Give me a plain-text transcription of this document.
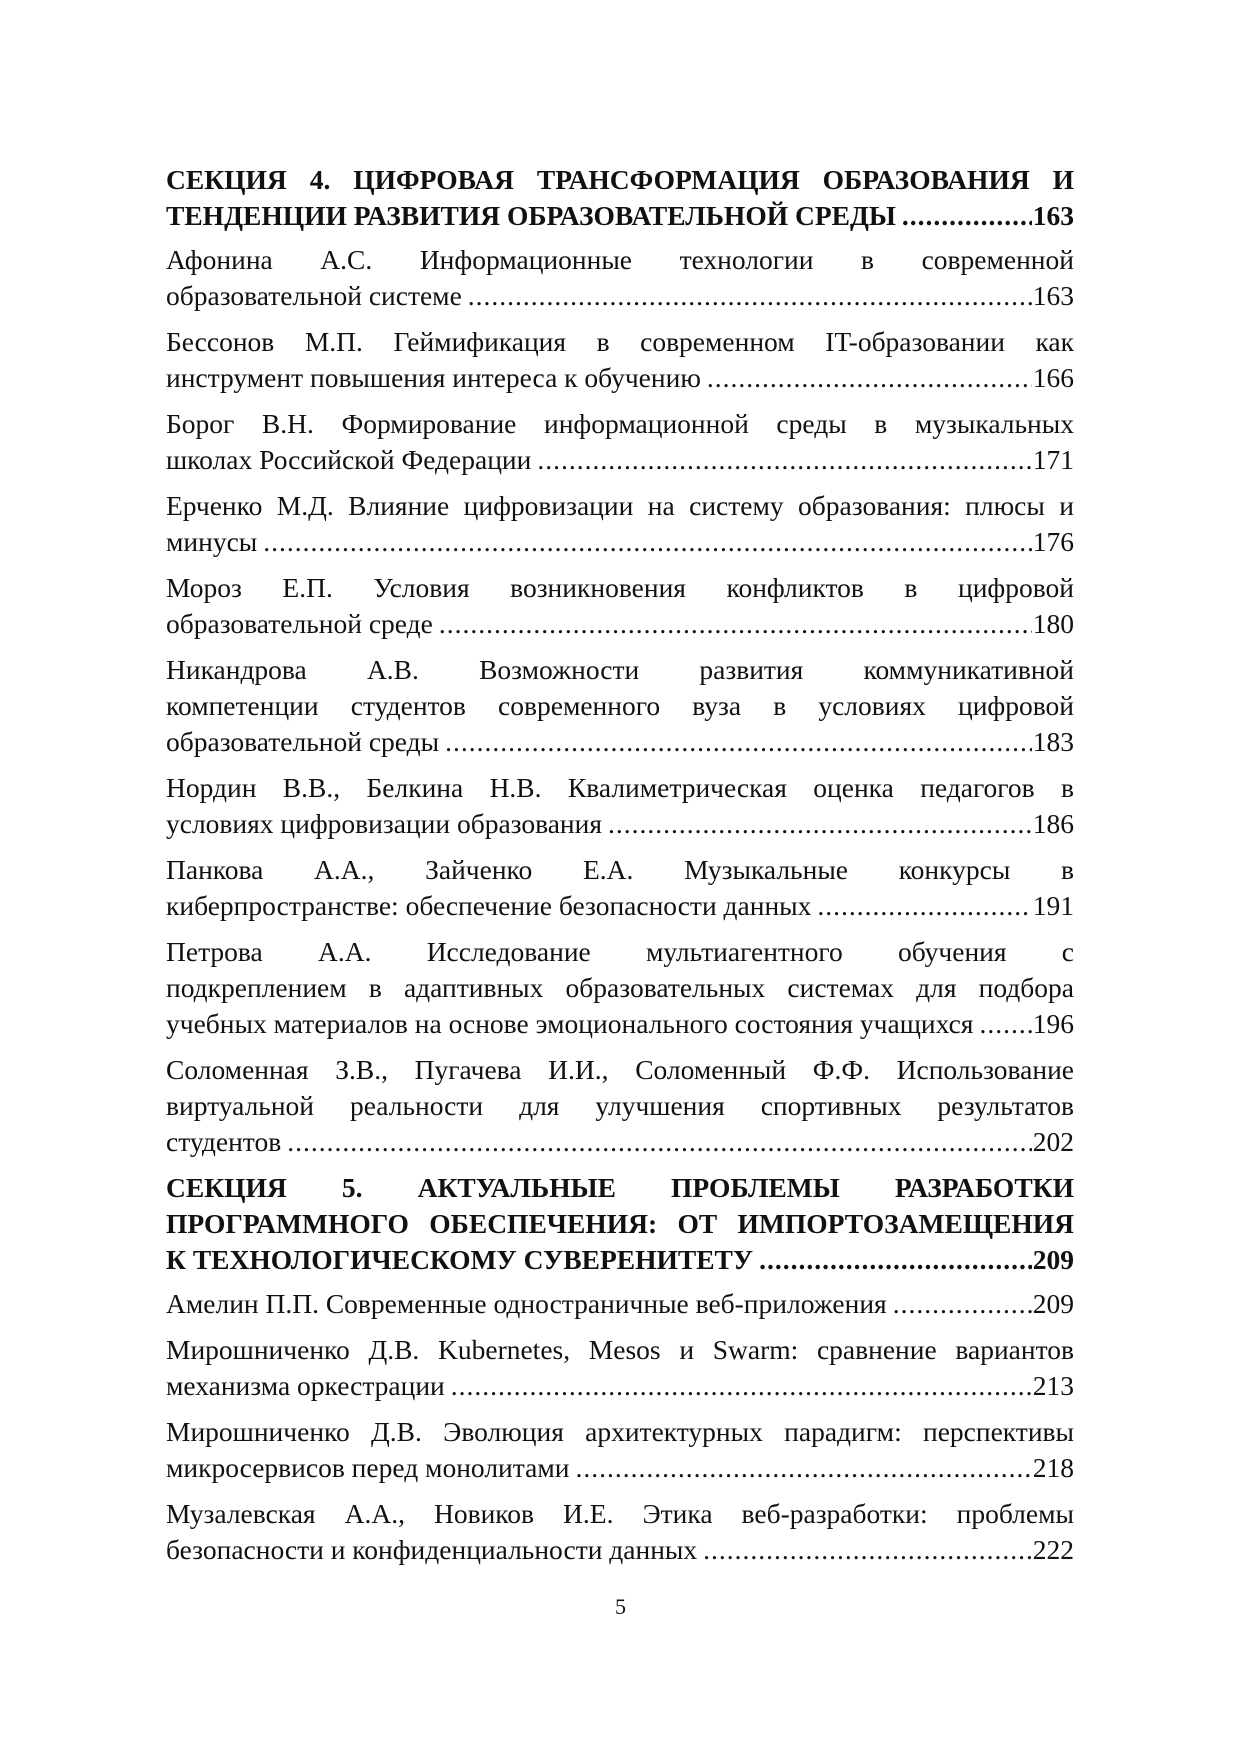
СЕКЦИЯ 4. ЦИФРОВАЯ ТРАНСФОРМАЦИЯ ОБРАЗОВАНИЯ И
ТЕНДЕНЦИИ РАЗВИТИЯ ОБРАЗОВАТЕЛЬНОЙ СРЕДЫ .....	163
Афонина А.С. Информационные технологии в современной
образовательной системе .....	163
Бессонов М.П. Геймификация в современном IT-образовании как
инструмент повышения интереса к обучению .....	166
Борог В.Н. Формирование информационной среды в музыкальных
школах Российской Федерации .....	171
Ерченко М.Д. Влияние цифровизации на систему образования: плюсы и
минусы .....	176
Мороз Е.П. Условия возникновения конфликтов в цифровой
образовательной среде .....	180
Никандрова А.В. Возможности развития коммуникативной
компетенции студентов современного вуза в условиях цифровой
образовательной среды .....	183
Нордин В.В., Белкина Н.В. Квалиметрическая оценка педагогов в
условиях цифровизации образования .....	186
Панкова А.А., Зайченко Е.А. Музыкальные конкурсы в
киберпространстве: обеспечение безопасности данных .....	191
Петрова А.А. Исследование мультиагентного обучения с
подкреплением в адаптивных образовательных системах для подбора
учебных материалов на основе эмоционального состояния учащихся ..... 196
Соломенная З.В., Пугачева И.И., Соломенный Ф.Ф. Использование
виртуальной реальности для улучшения спортивных результатов
студентов .....	202
СЕКЦИЯ 5. АКТУАЛЬНЫЕ ПРОБЛЕМЫ РАЗРАБОТКИ
ПРОГРАММНОГО ОБЕСПЕЧЕНИЯ: ОТ ИМПОРТОЗАМЕЩЕНИЯ
К ТЕХНОЛОГИЧЕСКОМУ СУВЕРЕНИТЕТУ .....	209
Амелин П.П. Современные одностраничные веб-приложения .....	209
Мирошниченко Д.В. Kubernetes, Mesos и Swarm: сравнение вариантов
механизма оркестрации .....	213
Мирошниченко Д.В. Эволюция архитектурных парадигм: перспективы
микросервисов перед монолитами .....	218
Музалевская А.А., Новиков И.Е. Этика веб-разработки: проблемы
безопасности и конфиденциальности данных .....	222
5
